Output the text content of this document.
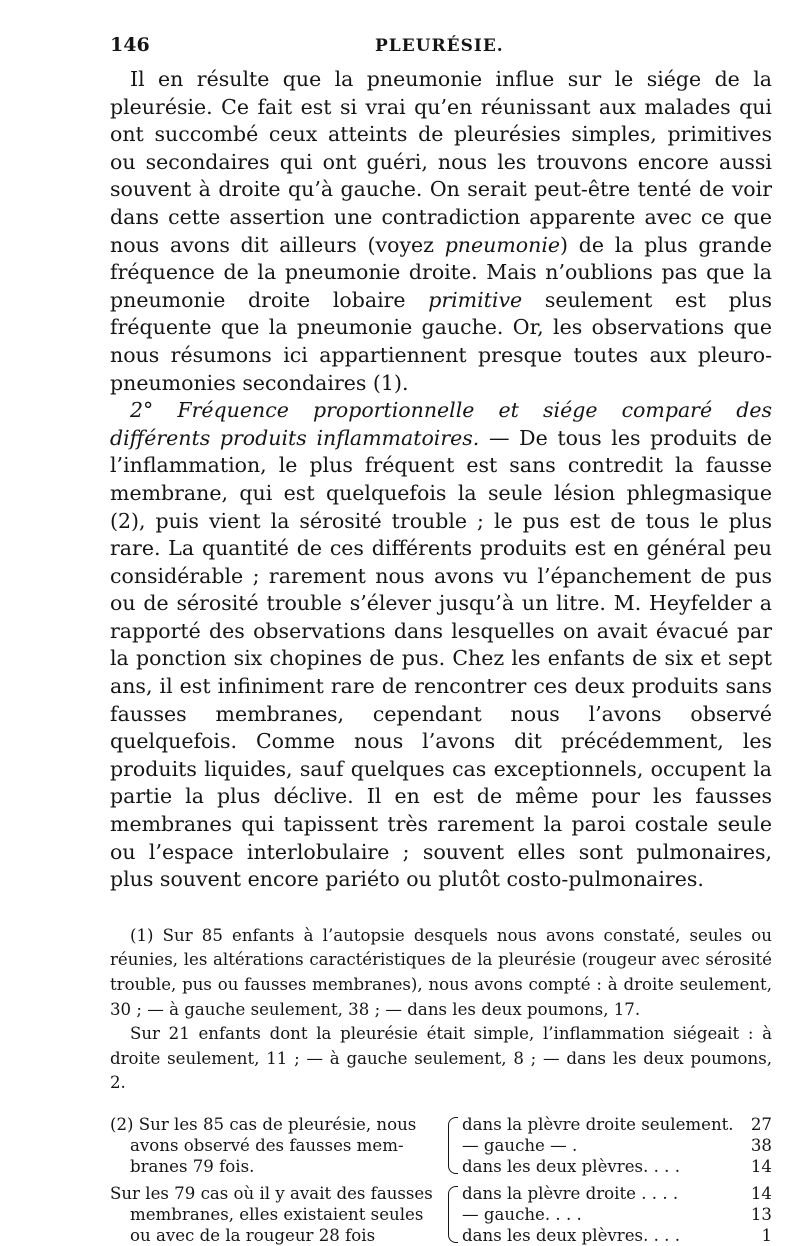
146	PLEURÉSIE.

Il en résulte que la pneumonie influe sur le siége de la pleurésie. Ce fait est si vrai qu’en réunissant aux malades qui ont succombé ceux atteints de pleurésies simples, primitives ou secondaires qui ont guéri, nous les trouvons encore aussi souvent à droite qu’à gauche. On serait peut-être tenté de voir dans cette assertion une contradiction apparente avec ce que nous avons dit ailleurs (voyez pneumonie) de la plus grande fréquence de la pneumonie droite. Mais n’oublions pas que la pneumonie droite lobaire primitive seulement est plus fréquente que la pneumonie gauche. Or, les observations que nous résumons ici appartiennent presque toutes aux pleuro-pneumonies secondaires (1).

2° Fréquence proportionnelle et siége comparé des différents produits inflammatoires. — De tous les produits de l’inflammation, le plus fréquent est sans contredit la fausse membrane, qui est quelquefois la seule lésion phlegmasique (2), puis vient la sérosité trouble ; le pus est de tous le plus rare. La quantité de ces différents produits est en général peu considérable ; rarement nous avons vu l’épanchement de pus ou de sérosité trouble s’élever jusqu’à un litre. M. Heyfelder a rapporté des observations dans lesquelles on avait évacué par la ponction six chopines de pus. Chez les enfants de six et sept ans, il est infiniment rare de rencontrer ces deux produits sans fausses membranes, cependant nous l’avons observé quelquefois. Comme nous l’avons dit précédemment, les produits liquides, sauf quelques cas exceptionnels, occupent la partie la plus déclive. Il en est de même pour les fausses membranes qui tapissent très rarement la paroi costale seule ou l’espace interlobulaire ; souvent elles sont pulmonaires, plus souvent encore pariéto ou plutôt costo-pulmonaires.

(1) Sur 85 enfants à l’autopsie desquels nous avons constaté, seules ou réunies, les altérations caractéristiques de la pleurésie (rougeur avec sérosité trouble, pus ou fausses membranes), nous avons compté : à droite seulement, 30 ; — à gauche seulement, 38 ; — dans les deux poumons, 17.

Sur 21 enfants dont la pleurésie était simple, l’inflammation siégeait : à droite seulement, 11 ; — à gauche seulement, 8 ; — dans les deux poumons, 2.

(2) Sur les 85 cas de pleurésie, nous
avons observé des fausses mem-
branes 79 fois.
dans la plèvre droite seulement.	27
— gauche — .	38
dans les deux plèvres. . . .	14
Sur les 79 cas où il y avait des fausses
membranes, elles existaient seules
ou avec de la rougeur 28 fois
dans la plèvre droite . . . .	14
— gauche. . . .	13
dans les deux plèvres. . . .	1
